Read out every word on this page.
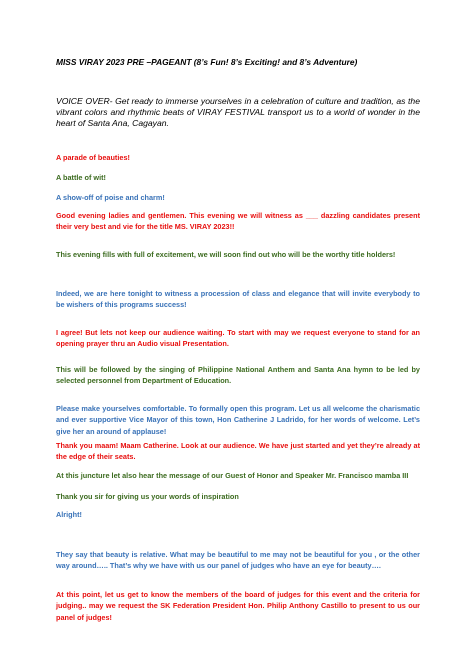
MISS VIRAY 2023 PRE –PAGEANT (8’s Fun! 8’s Exciting! and 8’s Adventure)
VOICE OVER- Get ready to immerse yourselves in a celebration of culture and tradition, as the vibrant colors and rhythmic beats of VIRAY FESTIVAL transport us to a world of wonder in the heart of Santa Ana, Cagayan.
A parade of beauties!
A battle of wit!
A show-off of poise and charm!
Good evening ladies and gentlemen. This evening we will witness as ___ dazzling candidates present their very best and vie for the title MS. VIRAY 2023!!
This evening fills with full of excitement, we will soon find out who will be the worthy title holders!
Indeed, we are here tonight to witness a procession of class and elegance that will invite everybody to be wishers of this programs success!
I agree! But lets not keep our audience waiting. To start with may we request everyone to stand for an opening prayer thru an Audio visual Presentation.
This will be followed by the singing of Philippine National Anthem and Santa Ana hymn to be led by selected personnel from Department of Education.
Please make yourselves comfortable. To formally open this program. Let us all welcome the charismatic and ever supportive Vice Mayor of this town, Hon Catherine J Ladrido, for her words of welcome. Let’s give her an around of applause!
Thank you maam! Maam Catherine. Look at our audience. We have just started and yet they’re already at the edge of their seats.
At this juncture let also hear the message of our Guest of Honor and Speaker Mr. Francisco mamba III
Thank you sir for giving us your words of inspiration
Alright!
They say that beauty is relative. What may be beautiful to me may not be beautiful for you , or the other way around….. That’s why we have with us our panel of judges who have an eye for beauty….
At this point, let us get to know the members of the board of judges for this event and the criteria for judging.. may we request the SK Federation President Hon. Philip Anthony Castillo to present to us our panel of judges!
